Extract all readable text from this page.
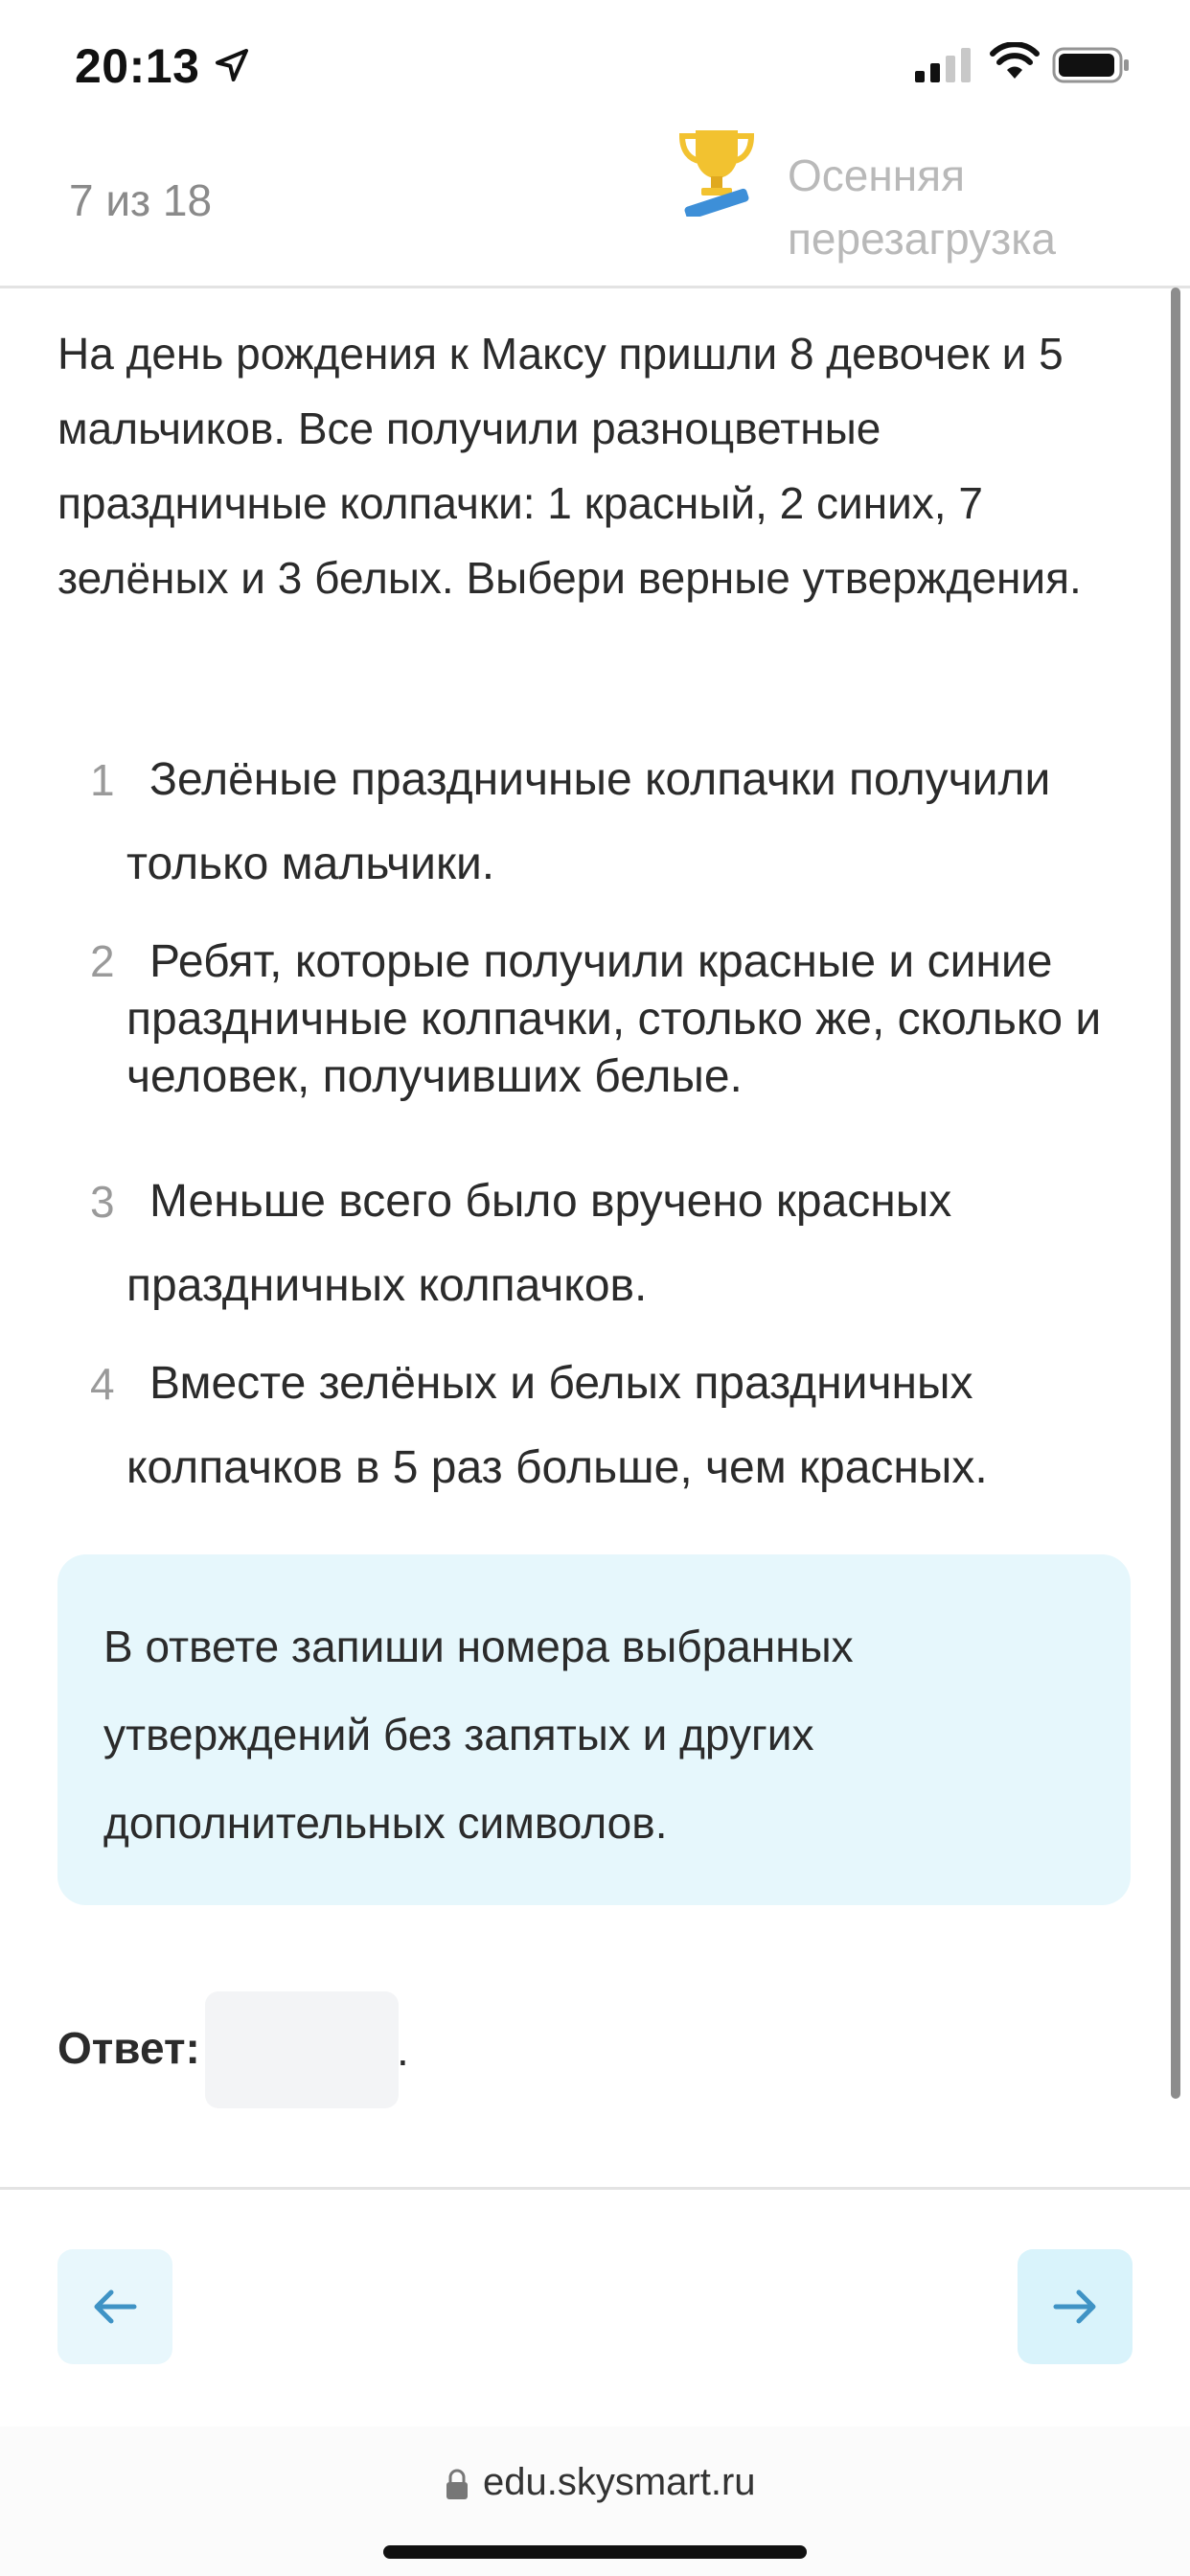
20:13
7 из 18	Осенняя
перезагрузка
На день рождения к Максу пришли 8 девочек и 5 мальчиков. Все получили разноцветные праздничные колпачки: 1 красный, 2 синих, 7 зелёных и 3 белых. Выбери верные утверждения.
1 Зелёные праздничные колпачки получили только мальчики.
2 Ребят, которые получили красные и синие праздничные колпачки, столько же, сколько и человек, получивших белые.
3 Меньше всего было вручено красных праздничных колпачков.
4 Вместе зелёных и белых праздничных колпачков в 5 раз больше, чем красных.
В ответе запиши номера выбранных утверждений без запятых и других дополнительных символов.
Ответ:	.
edu.skysmart.ru
